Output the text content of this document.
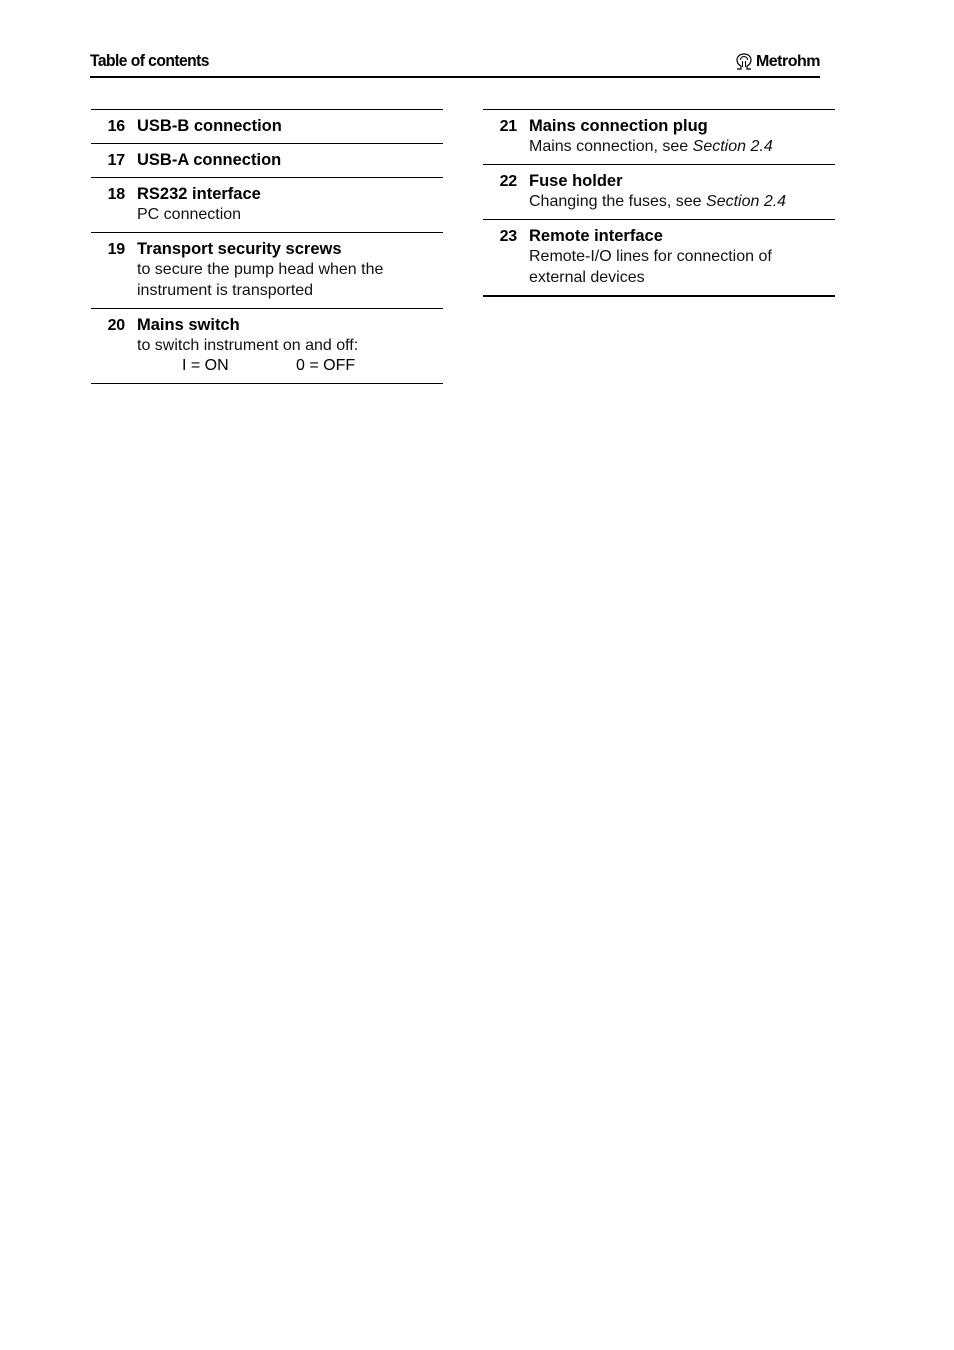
Table of contents	Metrohm
16 USB-B connection
17 USB-A connection
18 RS232 interface
PC connection
19 Transport security screws
to secure the pump head when the
instrument is transported
20 Mains switch
to switch instrument on and off:
I = ON	0 = OFF
21 Mains connection plug
Mains connection, see Section 2.4
22 Fuse holder
Changing the fuses, see Section 2.4
23 Remote interface
Remote-I/O lines for connection of
external devices
